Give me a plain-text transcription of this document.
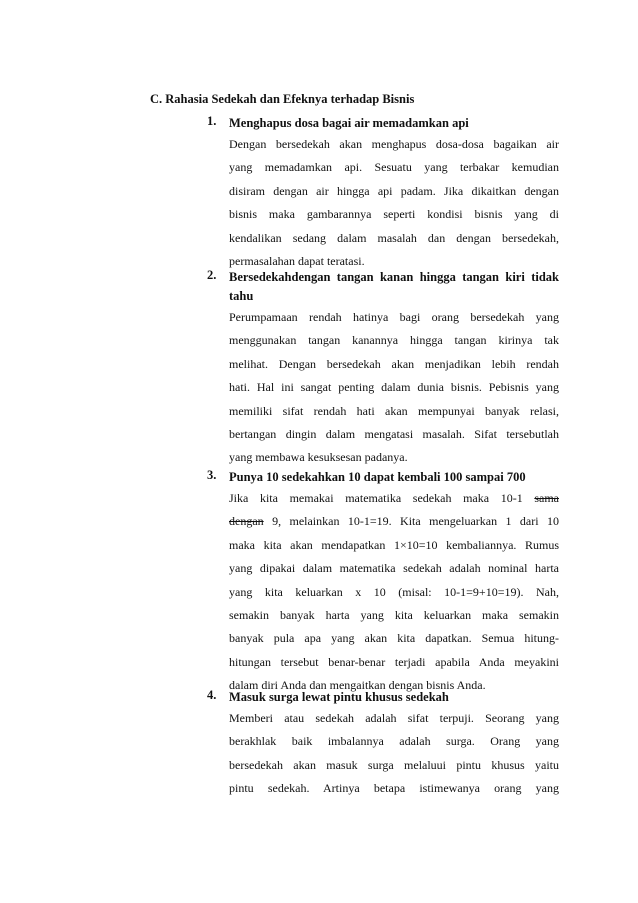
C. Rahasia Sedekah dan Efeknya terhadap Bisnis
1. Menghapus dosa bagai air memadamkan api
Dengan bersedekah akan menghapus dosa-dosa bagaikan air
yang memadamkan api. Sesuatu yang terbakar kemudian
disiram dengan air hingga api padam. Jika dikaitkan dengan
bisnis maka gambarannya seperti kondisi bisnis yang di
kendalikan sedang dalam masalah dan dengan bersedekah,
permasalahan dapat teratasi.
2. Bersedekahdengan tangan kanan hingga tangan kiri tidak
tahu
Perumpamaan rendah hatinya bagi orang bersedekah yang
menggunakan tangan kanannya hingga tangan kirinya tak
melihat. Dengan bersedekah akan menjadikan lebih rendah
hati. Hal ini sangat penting dalam dunia bisnis. Pebisnis yang
memiliki sifat rendah hati akan mempunyai banyak relasi,
bertangan dingin dalam mengatasi masalah. Sifat tersebutlah
yang membawa kesuksesan padanya.
3. Punya 10 sedekahkan 10 dapat kembali 100 sampai 700
Jika kita memakai matematika sedekah maka 10-1 sama
dengan 9, melainkan 10-1=19. Kita mengeluarkan 1 dari 10
maka kita akan mendapatkan 1×10=10 kembaliannya. Rumus
yang dipakai dalam matematika sedekah adalah nominal harta
yang kita keluarkan x 10 (misal: 10-1=9+10=19). Nah,
semakin banyak harta yang kita keluarkan maka semakin
banyak pula apa yang akan kita dapatkan. Semua hitung-
hitungan tersebut benar-benar terjadi apabila Anda meyakini
dalam diri Anda dan mengaitkan dengan bisnis Anda.
4. Masuk surga lewat pintu khusus sedekah
Memberi atau sedekah adalah sifat terpuji. Seorang yang
berakhlak baik imbalannya adalah surga. Orang yang
bersedekah akan masuk surga melaluui pintu khusus yaitu
pintu sedekah. Artinya betapa istimewanya orang yang
